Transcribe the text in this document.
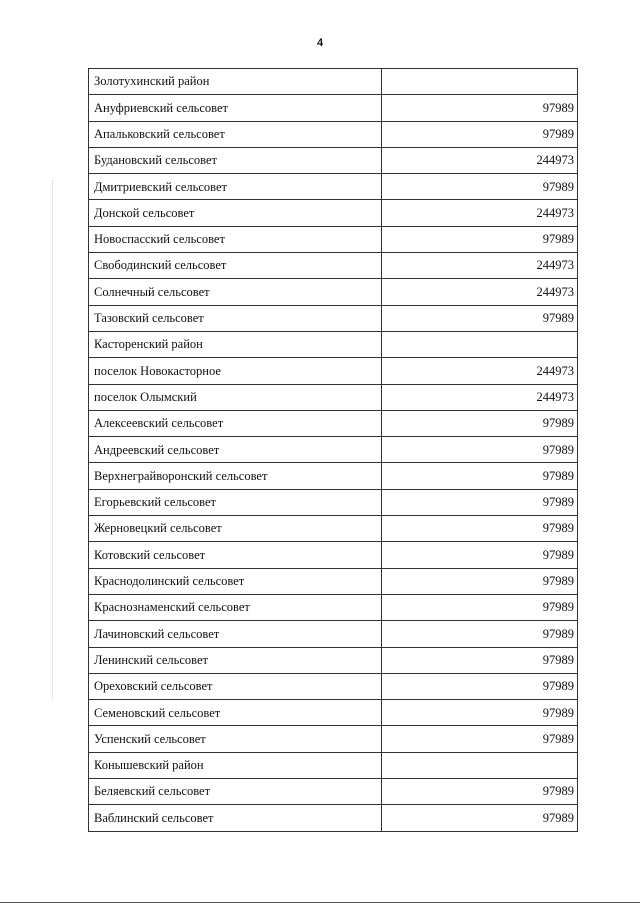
4
Золотухинский район	
Ануфриевский сельсовет	97989
Апальковский сельсовет	97989
Будановский сельсовет	244973
Дмитриевский сельсовет	97989
Донской сельсовет	244973
Новоспасский сельсовет	97989
Свободинский сельсовет	244973
Солнечный сельсовет	244973
Тазовский сельсовет	97989
Касторенский район	
поселок Новокасторное	244973
поселок Олымский	244973
Алексеевский сельсовет	97989
Андреевский сельсовет	97989
Верхнеграйворонский сельсовет	97989
Егорьевский сельсовет	97989
Жерновецкий сельсовет	97989
Котовский сельсовет	97989
Краснодолинский сельсовет	97989
Краснознаменский сельсовет	97989
Лачиновский сельсовет	97989
Ленинский сельсовет	97989
Ореховский сельсовет	97989
Семеновский сельсовет	97989
Успенский сельсовет	97989
Конышевский район	
Беляевский сельсовет	97989
Ваблинский сельсовет	97989
